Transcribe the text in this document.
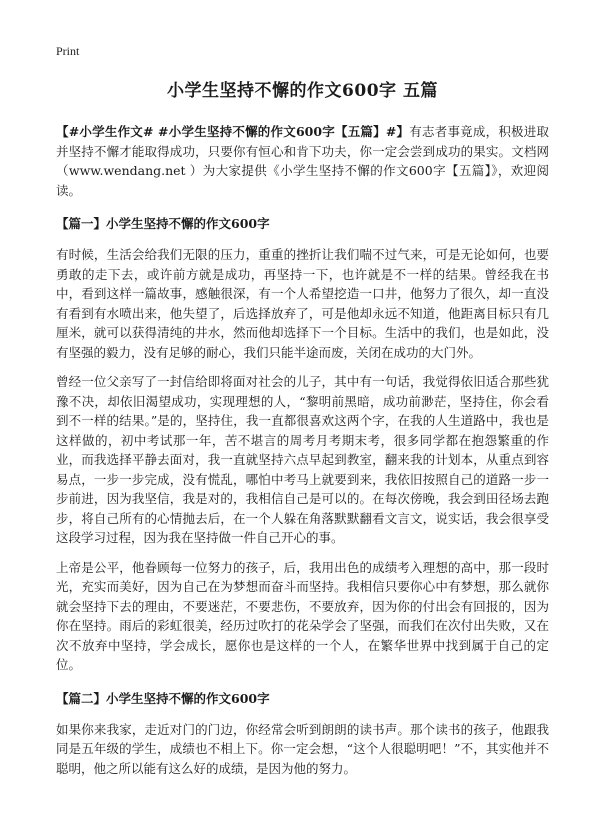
Print
小学生坚持不懈的作文600字 五篇

【#小学生作文# #小学生坚持不懈的作文600字【五篇】#】有志者事竟成，积极进取并坚持不懈才能取得成功，只要你有恒心和肯下功夫，你一定会尝到成功的果实。文档网（www.wendang.net ）为大家提供《小学生坚持不懈的作文600字【五篇】》，欢迎阅读。

【篇一】小学生坚持不懈的作文600字

有时候，生活会给我们无限的压力，重重的挫折让我们喘不过气来，可是无论如何，也要勇敢的走下去，或许前方就是成功，再坚持一下，也许就是不一样的结果。曾经我在书中，看到这样一篇故事，感触很深，有一个人希望挖造一口井，他努力了很久，却一直没有看到有水喷出来，他失望了，后选择放弃了，可是他却永远不知道，他距离目标只有几厘米，就可以获得清纯的井水，然而他却选择下一个目标。生活中的我们，也是如此，没有坚强的毅力，没有足够的耐心，我们只能半途而废，关闭在成功的大门外。

曾经一位父亲写了一封信给即将面对社会的儿子，其中有一句话，我觉得依旧适合那些犹豫不决，却依旧渴望成功，实现理想的人，“黎明前黑暗，成功前渺茫，坚持住，你会看到不一样的结果。”是的，坚持住，我一直都很喜欢这两个字，在我的人生道路中，我也是这样做的，初中考试那一年，苦不堪言的周考月考期末考，很多同学都在抱怨繁重的作业，而我选择平静去面对，我一直就坚持六点早起到教室，翻来我的计划本，从重点到容易点，一步一步完成，没有慌乱，哪怕中考马上就要到来，我依旧按照自己的道路一步一步前进，因为我坚信，我是对的，我相信自己是可以的。在每次傍晚，我会到田径场去跑步，将自己所有的心情抛去后，在一个人躲在角落默默翻看文言文，说实话，我会很享受这段学习过程，因为我在坚持做一件自己开心的事。

上帝是公平，他眷顾每一位努力的孩子，后，我用出色的成绩考入理想的高中，那一段时光，充实而美好，因为自己在为梦想而奋斗而坚持。我相信只要你心中有梦想，那么就你就会坚持下去的理由，不要迷茫，不要悲伤，不要放弃，因为你的付出会有回报的，因为你在坚持。雨后的彩虹很美，经历过吹打的花朵学会了坚强，而我们在次付出失败，又在次不放弃中坚持，学会成长，愿你也是这样的一个人，在繁华世界中找到属于自己的定位。

【篇二】小学生坚持不懈的作文600字

如果你来我家，走近对门的门边，你经常会听到朗朗的读书声。那个读书的孩子，他跟我同是五年级的学生，成绩也不相上下。你一定会想，“这个人很聪明吧！”不，其实他并不聪明，他之所以能有这么好的成绩，是因为他的努力。
